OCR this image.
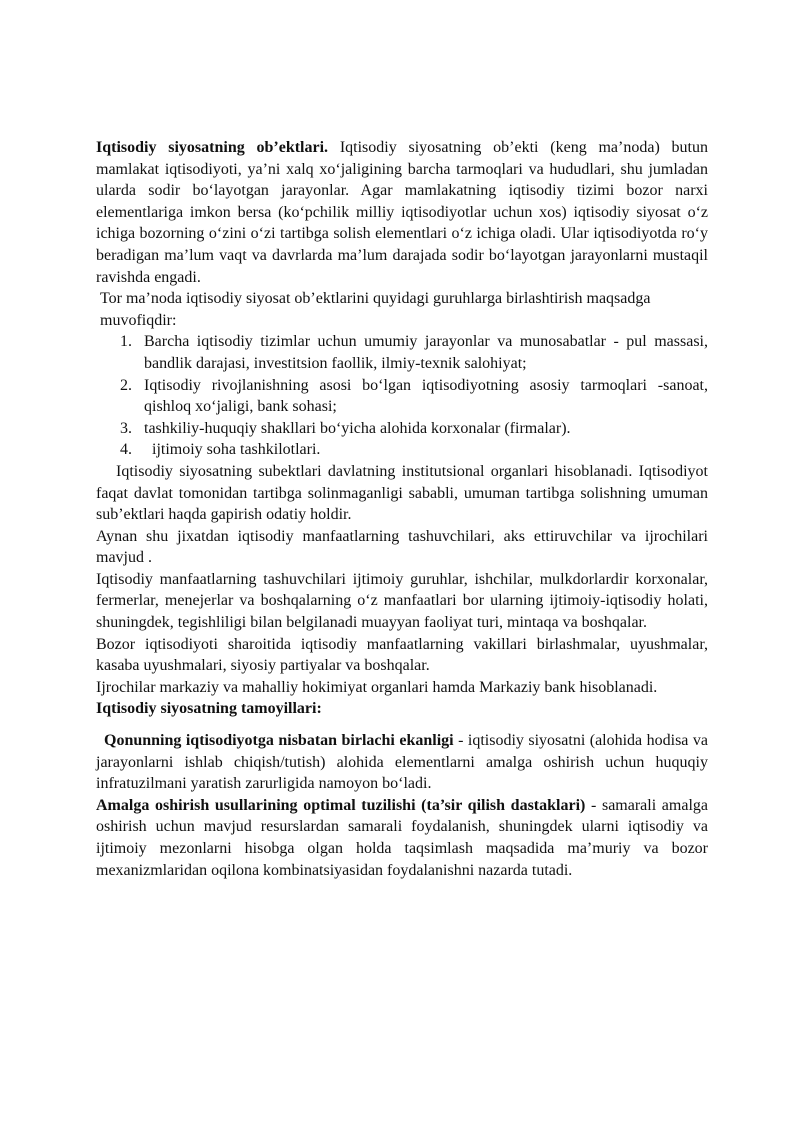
Iqtisodiy siyosatning ob’ektlari. Iqtisodiy siyosatning ob’ekti (keng ma’noda) butun mamlakat iqtisodiyoti, ya’ni xalq xo‘jaligining barcha tarmoqlari va hududlari, shu jumladan ularda sodir bo‘layotgan jarayonlar. Agar mamlakatning iqtisodiy tizimi bozor narxi elementlariga imkon bersa (ko‘pchilik milliy iqtisodiyotlar uchun xos) iqtisodiy siyosat o‘z ichiga bozorning o‘zini o‘zi tartibga solish elementlari o‘z ichiga oladi. Ular iqtisodiyotda ro‘y beradigan ma’lum vaqt va davrlarda ma’lum darajada sodir bo‘layotgan jarayonlarni mustaqil ravishda engadi.

Tor ma’noda iqtisodiy siyosat ob’ektlarini quyidagi guruhlarga birlashtirish maqsadga muvofiqdir:

1. Barcha iqtisodiy tizimlar uchun umumiy jarayonlar va munosabatlar - pul massasi, bandlik darajasi, investitsion faollik, ilmiy-texnik salohiyat;
2. Iqtisodiy rivojlanishning asosi bo‘lgan iqtisodiyotning asosiy tarmoqlari -sanoat, qishloq xo‘jaligi, bank sohasi;
3. tashkiliy-huquqiy shakllari bo‘yicha alohida korxonalar (firmalar).
4. ijtimoiy soha tashkilotlari.

Iqtisodiy siyosatning subektlari davlatning institutsional organlari hisoblanadi. Iqtisodiyot faqat davlat tomonidan tartibga solinmaganligi sababli, umuman tartibga solishning umuman sub’ektlari haqda gapirish odatiy holdir.

Aynan shu jixatdan iqtisodiy manfaatlarning tashuvchilari, aks ettiruvchilar va ijrochilari mavjud .

Iqtisodiy manfaatlarning tashuvchilari ijtimoiy guruhlar, ishchilar, mulkdorlardir korxonalar, fermerlar, menejerlar va boshqalarning o‘z manfaatlari bor ularning ijtimoiy-iqtisodiy holati, shuningdek, tegishliligi bilan belgilanadi muayyan faoliyat turi, mintaqa va boshqalar.

Bozor iqtisodiyoti sharoitida iqtisodiy manfaatlarning vakillari birlashmalar, uyushmalar, kasaba uyushmalari, siyosiy partiyalar va boshqalar.

Ijrochilar markaziy va mahalliy hokimiyat organlari hamda Markaziy bank hisoblanadi.

Iqtisodiy siyosatning tamoyillari:

Qonunning iqtisodiyotga nisbatan birlachi ekanligi - iqtisodiy siyosatni (alohida hodisa va jarayonlarni ishlab chiqish/tutish) alohida elementlarni amalga oshirish uchun huquqiy infratuzilmani yaratish zarurligida namoyon bo‘ladi.

Amalga oshirish usullarining optimal tuzilishi (ta’sir qilish dastaklari) - samarali amalga oshirish uchun mavjud resurslardan samarali foydalanish, shuningdek ularni iqtisodiy va ijtimoiy mezonlarni hisobga olgan holda taqsimlash maqsadida ma’muriy va bozor mexanizmlaridan oqilona kombinatsiyasidan foydalanishni nazarda tutadi.
